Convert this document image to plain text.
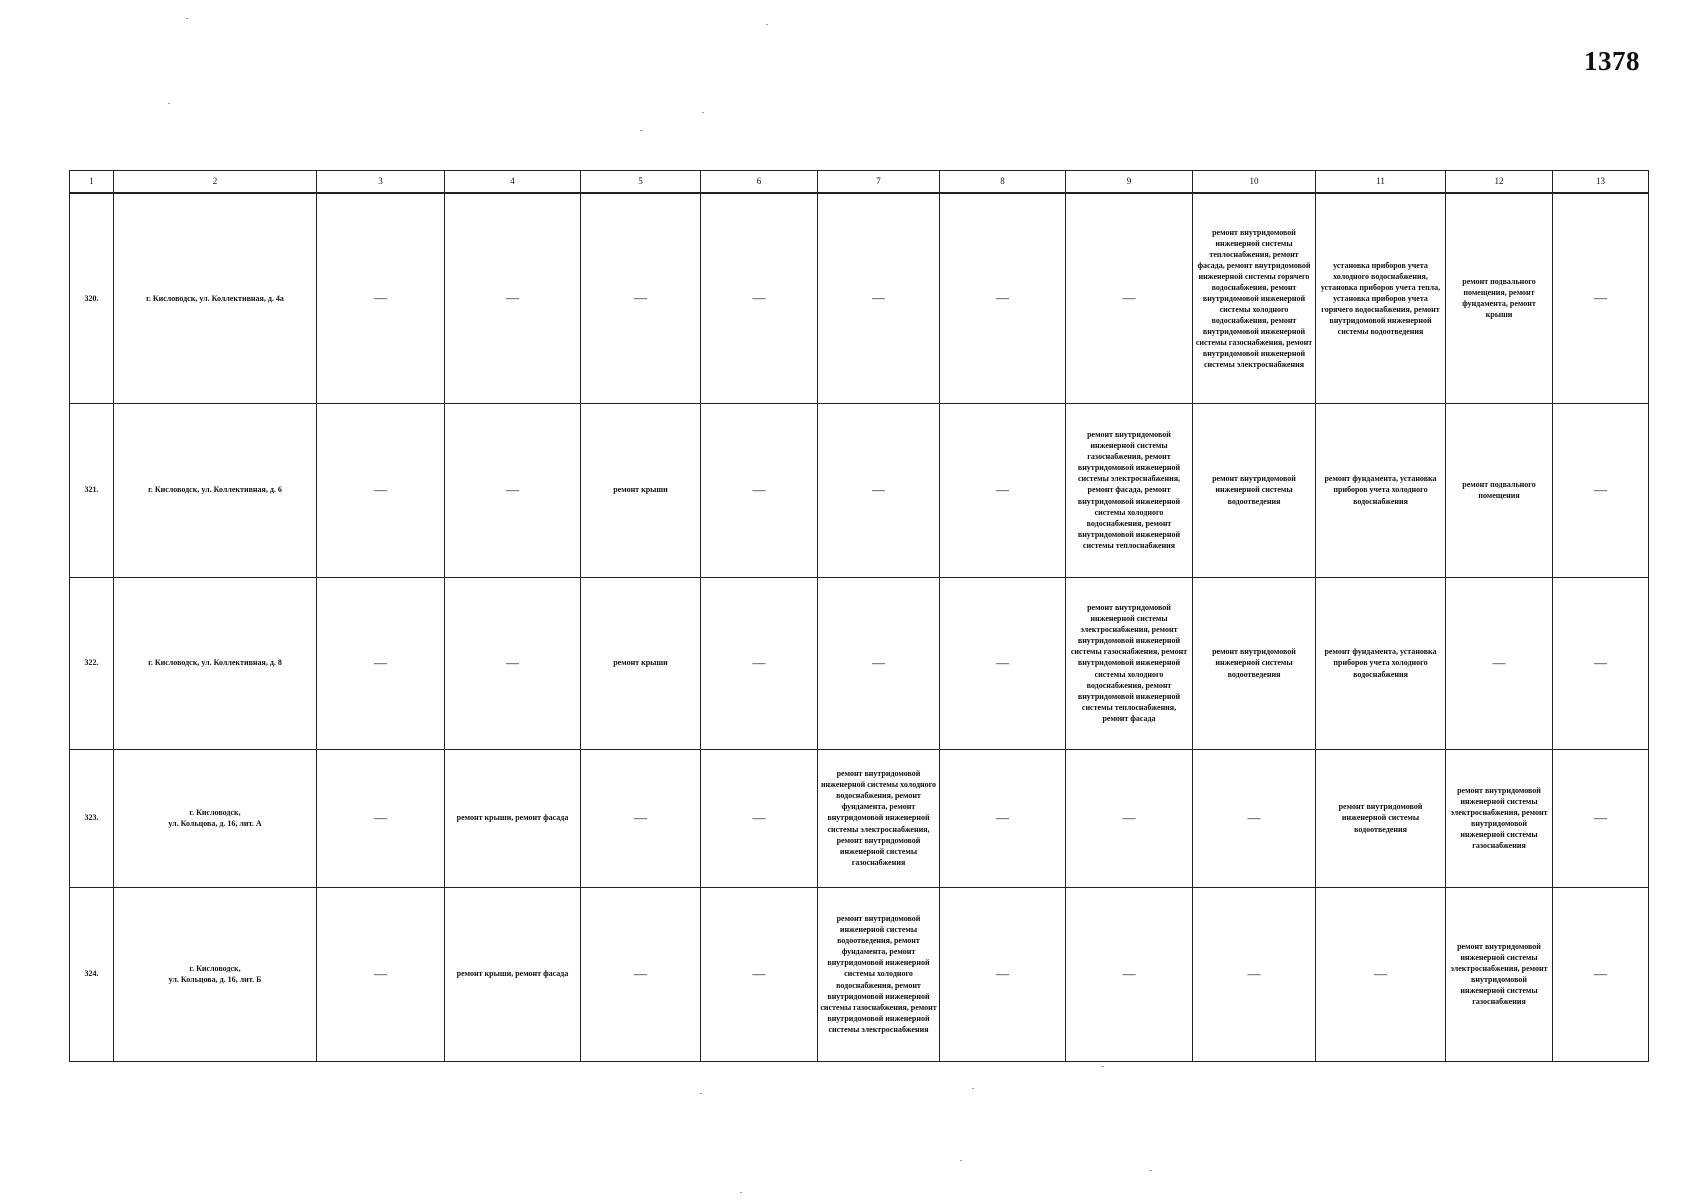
1378
1	2	3	4	5	6	7	8	9	10	11	12	13
320.	г. Кисловодск, ул. Коллективная, д. 4а	—	—	—	—	—	—	—	ремонт внутридомовой инженерной системы теплоснабжения, ремонт фасада, ремонт внутридомовой инженерной системы горячего водоснабжения, ремонт внутридомовой инженерной системы холодного водоснабжения, ремонт внутридомовой инженерной системы газоснабжения, ремонт внутридомовой инженерной системы электроснабжения	установка приборов учета холодного водоснабжения, установка приборов учета тепла, установка приборов учета горячего водоснабжения, ремонт внутридомовой инженерной системы водоотведения	ремонт подвального помещения, ремонт фундамента, ремонт крыши	—
321.	г. Кисловодск, ул. Коллективная, д. 6	—	—	ремонт крыши	—	—	—	ремонт внутридомовой инженерной системы газоснабжения, ремонт внутридомовой инженерной системы электроснабжения, ремонт фасада, ремонт внутридомовой инженерной системы холодного водоснабжения, ремонт внутридомовой инженерной системы теплоснабжения	ремонт внутридомовой инженерной системы водоотведения	ремонт фундамента, установка приборов учета холодного водоснабжения	ремонт подвального помещения	—
322.	г. Кисловодск, ул. Коллективная, д. 8	—	—	ремонт крыши	—	—	—	ремонт внутридомовой инженерной системы электроснабжения, ремонт внутридомовой инженерной системы газоснабжения, ремонт внутридомовой инженерной системы холодного водоснабжения, ремонт внутридомовой инженерной системы теплоснабжения, ремонт фасада	ремонт внутридомовой инженерной системы водоотведения	ремонт фундамента, установка приборов учета холодного водоснабжения	—	—
323.	г. Кисловодск,
ул. Кольцова, д. 16, лит. А	—	ремонт крыши, ремонт фасада	—	—	ремонт внутридомовой инженерной системы холодного водоснабжения, ремонт фундамента, ремонт внутридомовой инженерной системы электроснабжения, ремонт внутридомовой инженерной системы газоснабжения	—	—	—	ремонт внутридомовой инженерной системы водоотведения	ремонт внутридомовой инженерной системы электроснабжения, ремонт внутридомовой инженерной системы газоснабжения	—
324.	г. Кисловодск,
ул. Кольцова, д. 16, лит. Б	—	ремонт крыши, ремонт фасада	—	—	ремонт внутридомовой инженерной системы водоотведения, ремонт фундамента, ремонт внутридомовой инженерной системы холодного водоснабжения, ремонт внутридомовой инженерной системы газоснабжения, ремонт внутридомовой инженерной системы электроснабжения	—	—	—	—	ремонт внутридомовой инженерной системы электроснабжения, ремонт внутридомовой инженерной системы газоснабжения	—
